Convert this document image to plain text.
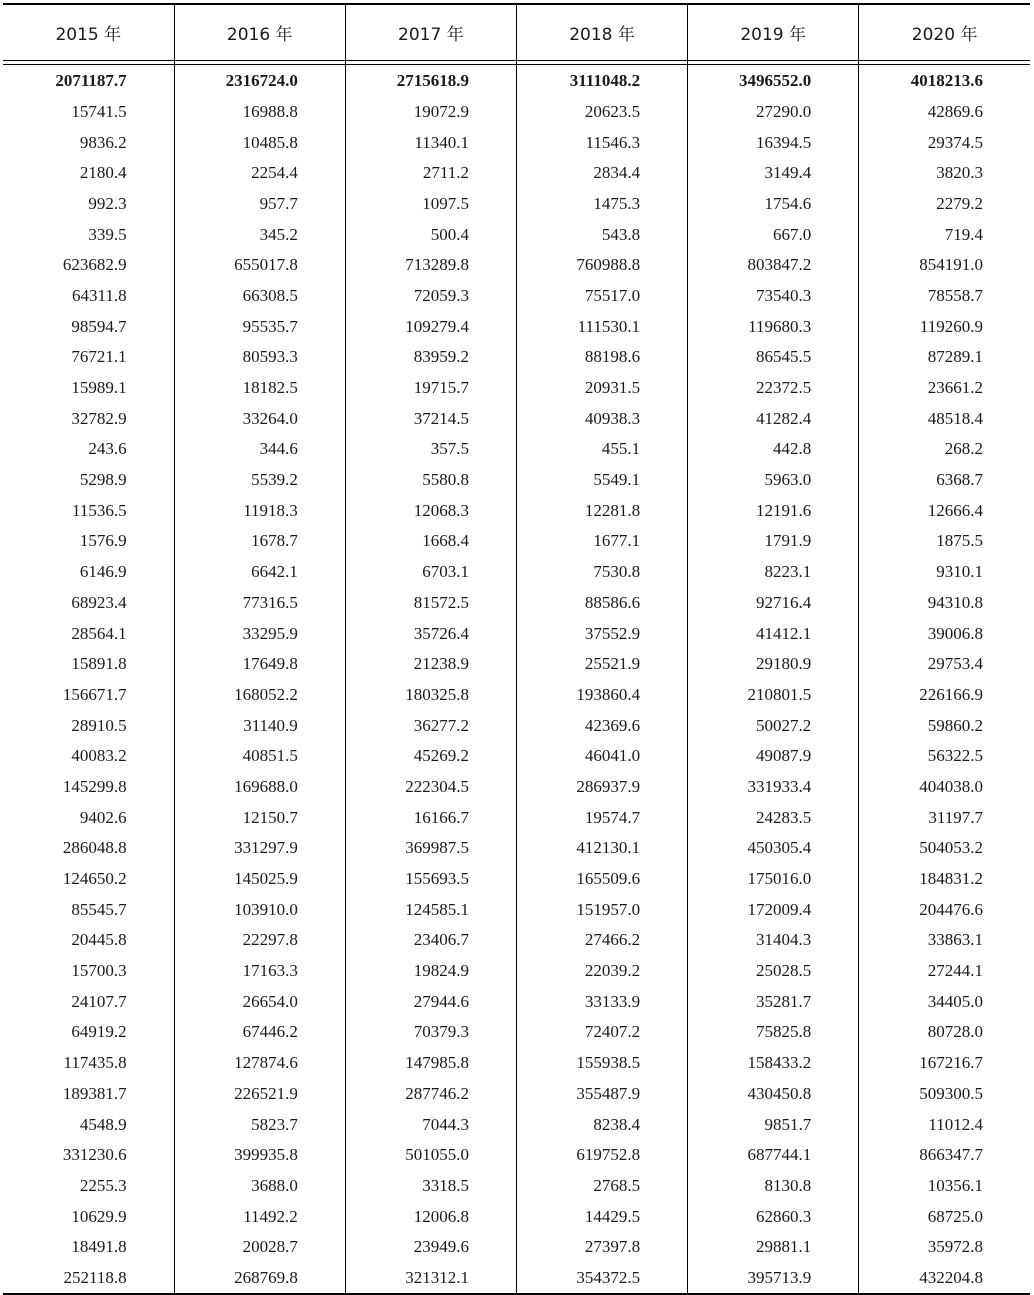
2015 年	2016 年	2017 年	2018 年	2019 年	2020 年

2071187.7	2316724.0	2715618.9	3111048.2	3496552.0	4018213.6
15741.5	16988.8	19072.9	20623.5	27290.0	42869.6
9836.2	10485.8	11340.1	11546.3	16394.5	29374.5
2180.4	2254.4	2711.2	2834.4	3149.4	3820.3
992.3	957.7	1097.5	1475.3	1754.6	2279.2
339.5	345.2	500.4	543.8	667.0	719.4
623682.9	655017.8	713289.8	760988.8	803847.2	854191.0
64311.8	66308.5	72059.3	75517.0	73540.3	78558.7
98594.7	95535.7	109279.4	111530.1	119680.3	119260.9
76721.1	80593.3	83959.2	88198.6	86545.5	87289.1
15989.1	18182.5	19715.7	20931.5	22372.5	23661.2
32782.9	33264.0	37214.5	40938.3	41282.4	48518.4
243.6	344.6	357.5	455.1	442.8	268.2
5298.9	5539.2	5580.8	5549.1	5963.0	6368.7
11536.5	11918.3	12068.3	12281.8	12191.6	12666.4
1576.9	1678.7	1668.4	1677.1	1791.9	1875.5
6146.9	6642.1	6703.1	7530.8	8223.1	9310.1
68923.4	77316.5	81572.5	88586.6	92716.4	94310.8
28564.1	33295.9	35726.4	37552.9	41412.1	39006.8
15891.8	17649.8	21238.9	25521.9	29180.9	29753.4
156671.7	168052.2	180325.8	193860.4	210801.5	226166.9
28910.5	31140.9	36277.2	42369.6	50027.2	59860.2
40083.2	40851.5	45269.2	46041.0	49087.9	56322.5
145299.8	169688.0	222304.5	286937.9	331933.4	404038.0
9402.6	12150.7	16166.7	19574.7	24283.5	31197.7
286048.8	331297.9	369987.5	412130.1	450305.4	504053.2
124650.2	145025.9	155693.5	165509.6	175016.0	184831.2
85545.7	103910.0	124585.1	151957.0	172009.4	204476.6
20445.8	22297.8	23406.7	27466.2	31404.3	33863.1
15700.3	17163.3	19824.9	22039.2	25028.5	27244.1
24107.7	26654.0	27944.6	33133.9	35281.7	34405.0
64919.2	67446.2	70379.3	72407.2	75825.8	80728.0
117435.8	127874.6	147985.8	155938.5	158433.2	167216.7
189381.7	226521.9	287746.2	355487.9	430450.8	509300.5
4548.9	5823.7	7044.3	8238.4	9851.7	11012.4
331230.6	399935.8	501055.0	619752.8	687744.1	866347.7
2255.3	3688.0	3318.5	2768.5	8130.8	10356.1
10629.9	11492.2	12006.8	14429.5	62860.3	68725.0
18491.8	20028.7	23949.6	27397.8	29881.1	35972.8
252118.8	268769.8	321312.1	354372.5	395713.9	432204.8
